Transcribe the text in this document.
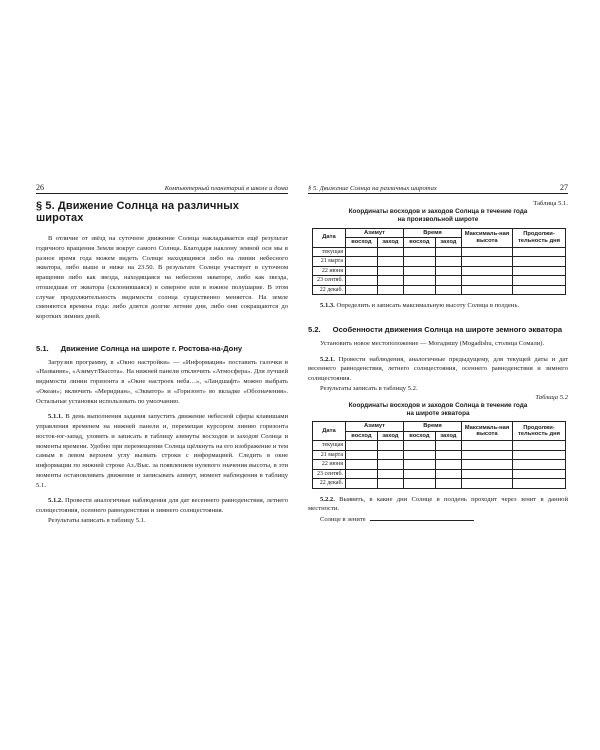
26	Компьютерный планетарий в школе и дома
§ 5. Движение Солнца на различных широтах

В отличие от звёзд на суточное движение Солнца накладывается ещё результат годичного вращения Земли вокруг самого Солнца. Благодаря наклону земной оси мы в разное время года можем видеть Солнце находящимся либо на линии небесного экватора, либо выше и ниже на 23.50. В результате Солнце участвует в суточном вращении либо как звезда, находящаяся на небесном экваторе, либо как звезда, отошедшая от экватора (склонившаяся) в северное или в южное полушарие. В этом случае продолжительность видимости солнца существенно меняется. На земле сменяются времена года: либо длятся долгие летние дни, либо они сокращаются до коротких зимних дней.

5.1. Движение Солнца на широте г. Ростова-на-Дону

Загрузив программу, в «Окно настройки» — «Информация» поставить галочки в «Название», «Азимут/Высота». На нижней панели отключить «Атмосфера». Для лучшей видимости линии горизонта в «Окне настроек неба…», «Ландшафт» можно выбрать «Океан»; включить «Меридиан», «Экватор» и «Горизонт» во вкладке «Обозначения». Остальные установки использовать по умолчанию.

5.1.1. В день выполнения задания запустить движение небесной сферы клавишами управления временем на нижней панели и, перемещая курсором линию горизонта восток-юг-запад, уловить и записать в таблицу азимуты восходов и заходов Солнца и моменты времени. Удобно при перемещении Солнца щёлкнуть на его изображение и тем самым в левом верхнем углу вызвать строки с информацией. Следить в окне информации по нижней строке Аз./Выс. за появлением нулевого значения высоты, в эти моменты остановливать движение и записывать азимут, момент наблюдения в таблицу 5.1.

5.1.2. Провести аналогичные наблюдения для дат весеннего равноденствия, летнего солнцестояния, осеннего равноденствия и зимнего солнцестояния.

Результаты записать в таблицу 5.1.

§ 5. Движение Солнца на различных широтах	27
Таблица 5.1.
Координаты восходов и заходов Солнца в течение года
на произвольной широте
Дата	Азимут		Время		Максималь-ная высота	Продолжи-тельность дня
	восход	заход	восход	заход		
текущая						
21 марта						
22 июня						
23 сентяб.						
22 декаб.						

5.1.3. Определить и записать максимальную высоту Солнца в полдень.

5.2. Особенности движения Солнца на широте земного экватора

Установить новое местоположение — Могадишу (Mogadishu, столица Сомали).

5.2.1. Провести наблюдения, аналогичные предыдущему, для текущей даты и дат весеннего равноденствия, летнего солнцестояния, осеннего равноденствия и зимнего солнцестояния.

Результаты записать в таблицу 5.2.

Таблица 5.2
Координаты восходов и заходов Солнца в течение года
на широте экватора
Дата	Азимут		Время		Максималь-ная высота	Продолжи-тельность дня
	восход	заход	восход	заход		
текущая						
21 марта						
22 июня						
23 сентяб.						
22 декаб.						

5.2.2. Выявить, в какие дни Солнце в полдень проходит через зенит в данной местности.

Солнце в зените
